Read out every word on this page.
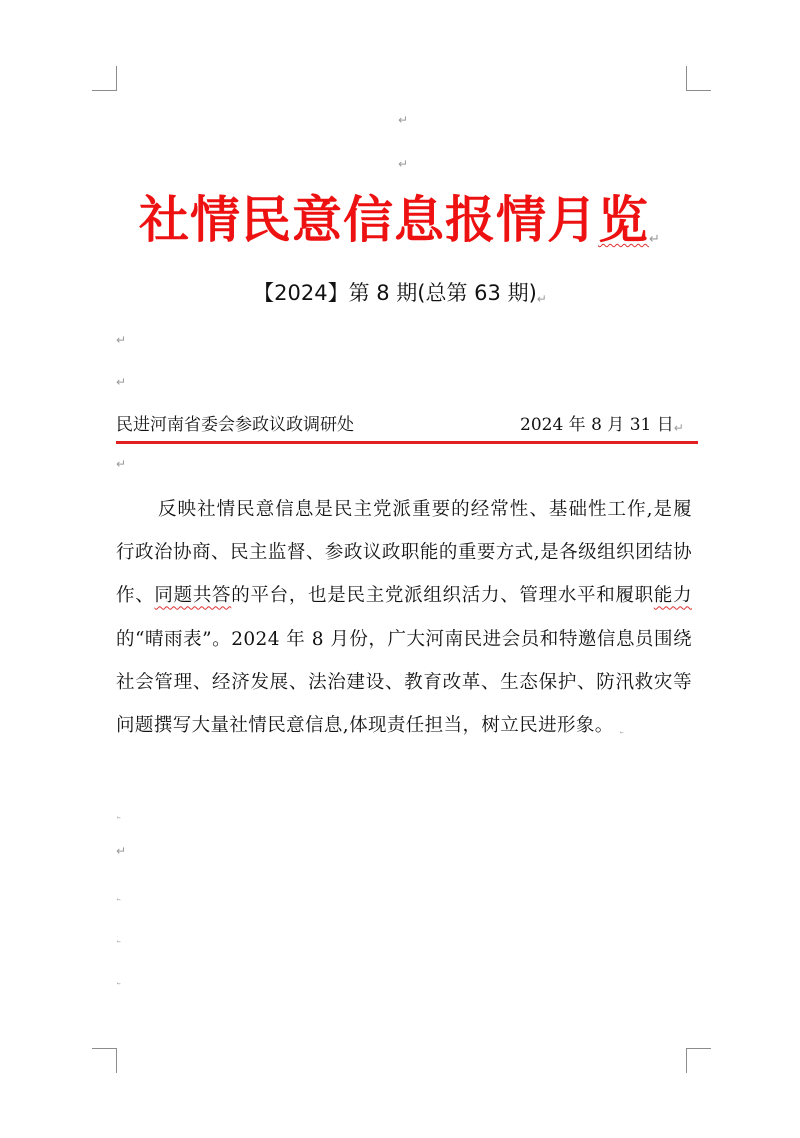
↵
↵
社情民意信息报情月览↵
【2024】第 8 期(总第 63 期)↵
↵
↵
民进河南省委会参政议政调研处	2024 年 8 月 31 日↵
↵
反映社情民意信息是民主党派重要的经常性、基础性工作,是履行政治协商、民主监督、参政议政职能的重要方式,是各级组织团结协作、同题共答的平台，也是民主党派组织活力、管理水平和履职能力的“晴雨表”。2024 年 8 月份，广大河南民进会员和特邀信息员围绕社会管理、经济发展、法治建设、教育改革、生态保护、防汛救灾等问题撰写大量社情民意信息,体现责任担当，树立民进形象。 ˾
˾
↵
˾
˾
˾
